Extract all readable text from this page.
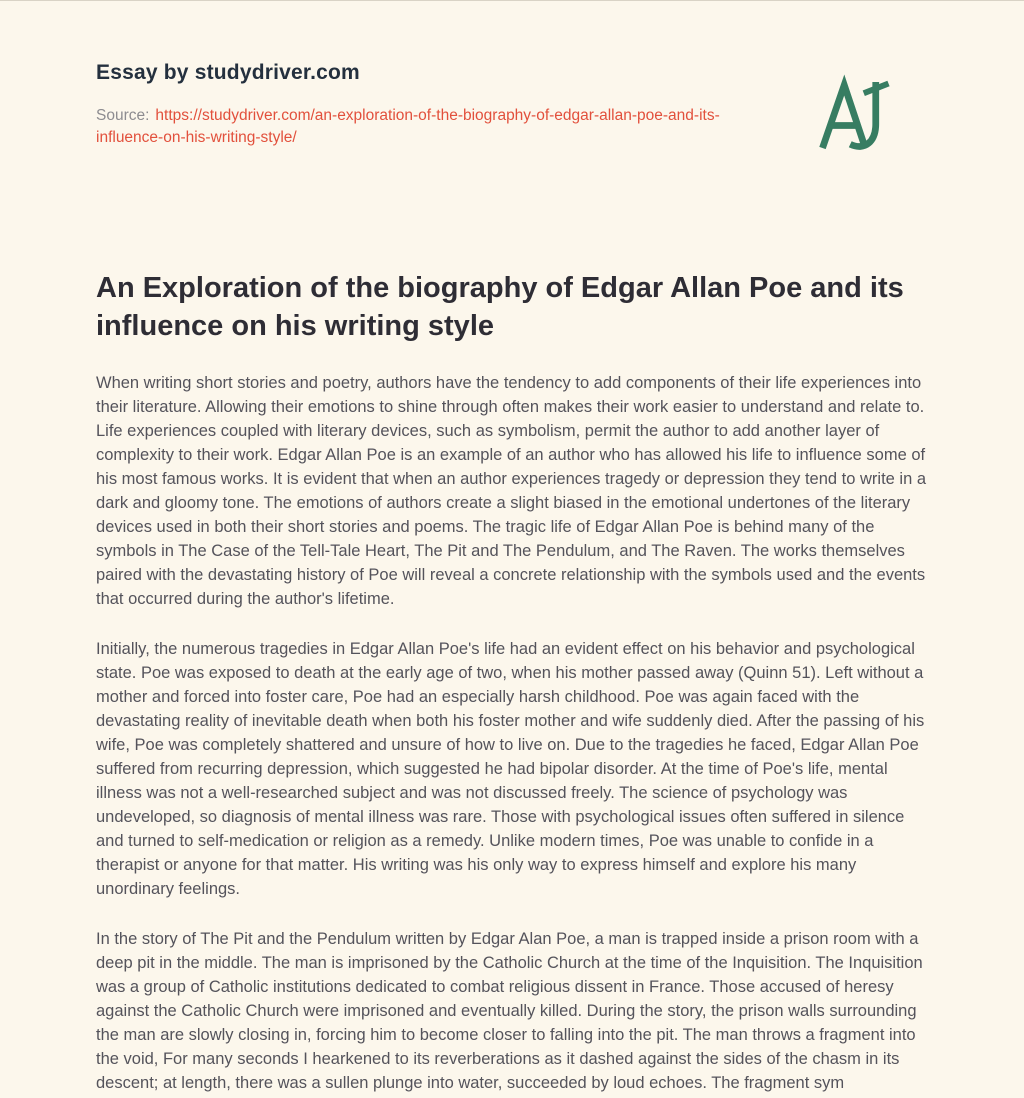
Essay by studydriver.com

Source: https://studydriver.com/an-exploration-of-the-biography-of-edgar-allan-poe-and-its-influence-on-his-writing-style/

An Exploration of the biography of Edgar Allan Poe and its influence on his writing style

When writing short stories and poetry, authors have the tendency to add components of their life experiences into their literature. Allowing their emotions to shine through often makes their work easier to understand and relate to. Life experiences coupled with literary devices, such as symbolism, permit the author to add another layer of complexity to their work. Edgar Allan Poe is an example of an author who has allowed his life to influence some of his most famous works. It is evident that when an author experiences tragedy or depression they tend to write in a dark and gloomy tone. The emotions of authors create a slight biased in the emotional undertones of the literary devices used in both their short stories and poems. The tragic life of Edgar Allan Poe is behind many of the symbols in The Case of the Tell-Tale Heart, The Pit and The Pendulum, and The Raven. The works themselves paired with the devastating history of Poe will reveal a concrete relationship with the symbols used and the events that occurred during the author's lifetime.

Initially, the numerous tragedies in Edgar Allan Poe's life had an evident effect on his behavior and psychological state. Poe was exposed to death at the early age of two, when his mother passed away (Quinn 51). Left without a mother and forced into foster care, Poe had an especially harsh childhood. Poe was again faced with the devastating reality of inevitable death when both his foster mother and wife suddenly died. After the passing of his wife, Poe was completely shattered and unsure of how to live on. Due to the tragedies he faced, Edgar Allan Poe suffered from recurring depression, which suggested he had bipolar disorder. At the time of Poe's life, mental illness was not a well-researched subject and was not discussed freely. The science of psychology was undeveloped, so diagnosis of mental illness was rare. Those with psychological issues often suffered in silence and turned to self-medication or religion as a remedy. Unlike modern times, Poe was unable to confide in a therapist or anyone for that matter. His writing was his only way to express himself and explore his many unordinary feelings.

In the story of The Pit and the Pendulum written by Edgar Alan Poe, a man is trapped inside a prison room with a deep pit in the middle. The man is imprisoned by the Catholic Church at the time of the Inquisition. The Inquisition was a group of Catholic institutions dedicated to combat religious dissent in France. Those accused of heresy against the Catholic Church were imprisoned and eventually killed. During the story, the prison walls surrounding the man are slowly closing in, forcing him to become closer to falling into the pit. The man throws a fragment into the void, For many seconds I hearkened to its reverberations as it dashed against the sides of the chasm in its descent; at length, there was a sullen plunge into water, succeeded by loud echoes. The fragment sym
